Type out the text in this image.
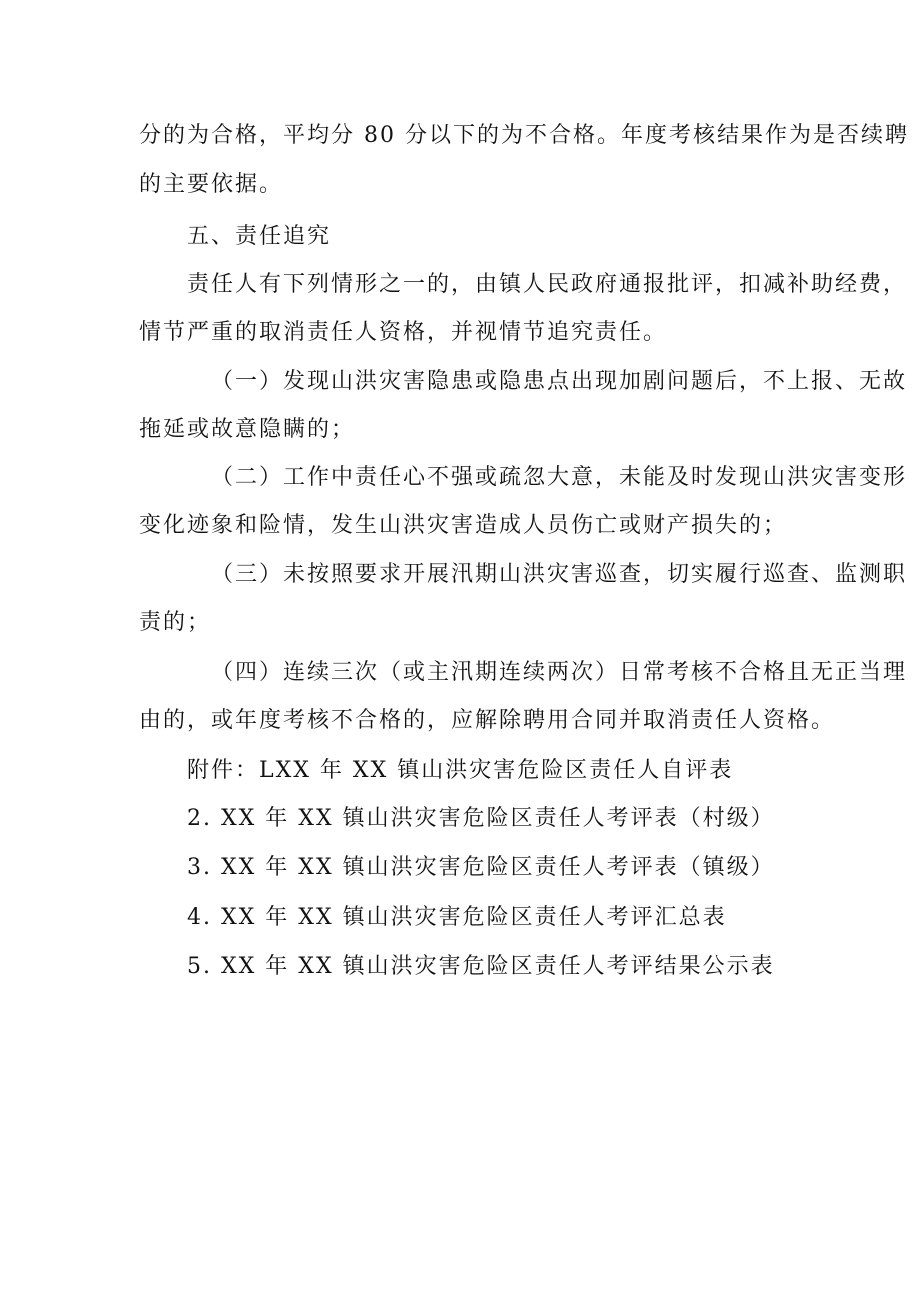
分的为合格，平均分 80 分以下的为不合格。年度考核结果作为是否续聘
的主要依据。
五、责任追究
责任人有下列情形之一的，由镇人民政府通报批评，扣减补助经费，
情节严重的取消责任人资格，并视情节追究责任。
（一）发现山洪灾害隐患或隐患点出现加剧问题后，不上报、无故
拖延或故意隐瞒的；
（二）工作中责任心不强或疏忽大意，未能及时发现山洪灾害变形
变化迹象和险情，发生山洪灾害造成人员伤亡或财产损失的；
（三）未按照要求开展汛期山洪灾害巡查，切实履行巡查、监测职
责的；
（四）连续三次（或主汛期连续两次）日常考核不合格且无正当理
由的，或年度考核不合格的，应解除聘用合同并取消责任人资格。
附件：LXX 年 XX 镇山洪灾害危险区责任人自评表
2. XX 年 XX 镇山洪灾害危险区责任人考评表（村级）
3. XX 年 XX 镇山洪灾害危险区责任人考评表（镇级）
4. XX 年 XX 镇山洪灾害危险区责任人考评汇总表
5. XX 年 XX 镇山洪灾害危险区责任人考评结果公示表
